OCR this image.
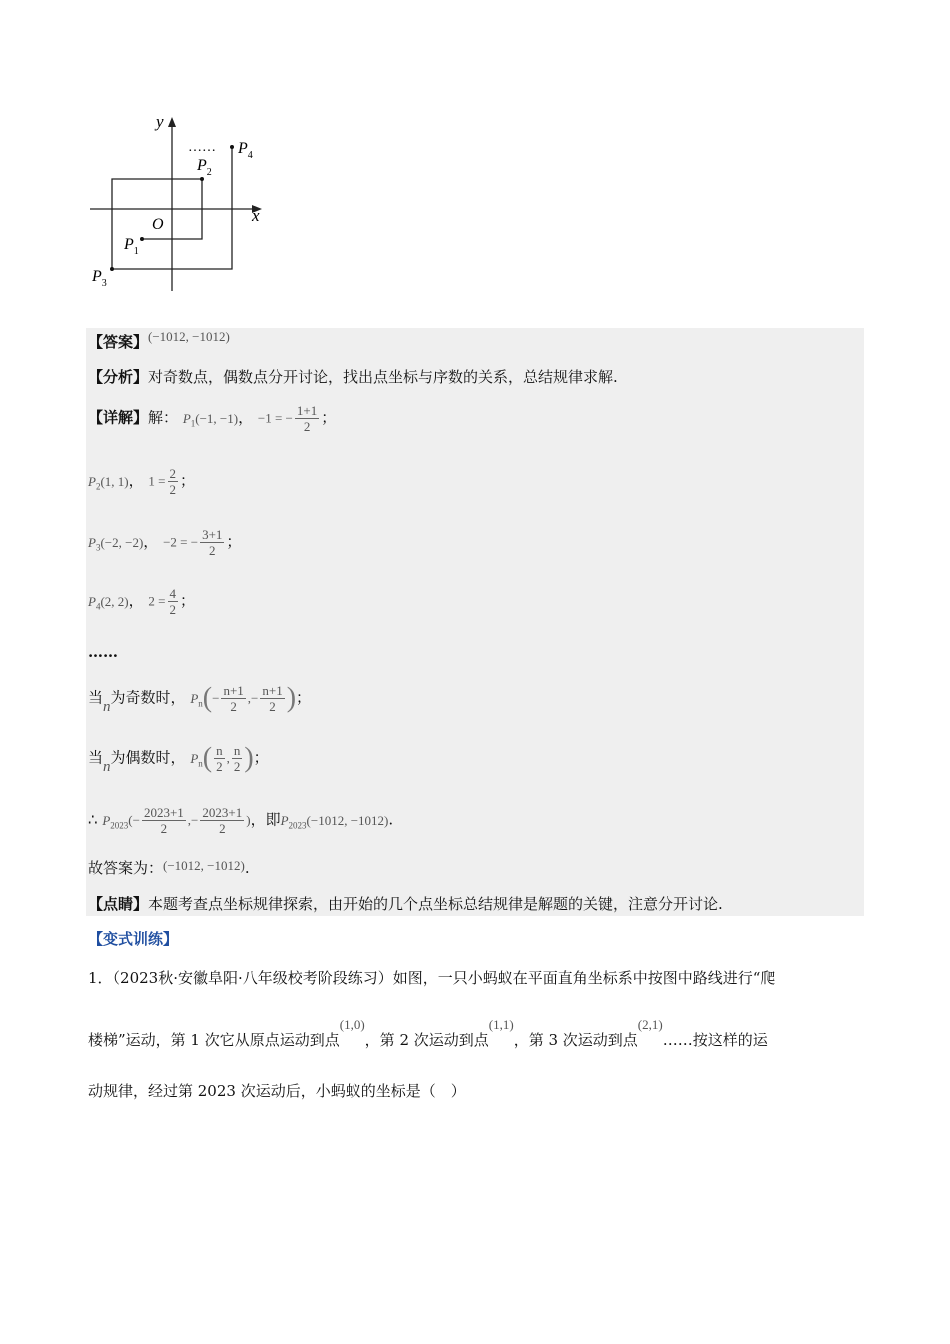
y
x
O
……
$P_1$
$P_2$
$P_3$
$P_4$
【答案】(−1012, −1012)
【分析】对奇数点，偶数点分开讨论，找出点坐标与序数的关系，总结规律求解.
【详解】解： $P_1(-1$, −1)， −1 = − $\frac{1+1}{2}$ ；
$P_2(1$, 1)， $1 = \frac{2}{2}$ ；
$P_3(-2$, −2)， −2 = − $\frac{3+1}{2}$ ；
$P_4(2$, 2)， $2 = \frac{4}{2}$ ；
……
当n为奇数时， $P_n(- \frac{n+1}{2}$ ,− $\frac{n+1}{2}$ )；
当n为偶数时， $P_n( \frac{n}{2}$ , $\frac{n}{2}$ )；
∴ $P_{2023}(- \frac{2023+1}{2}$ ,− $\frac{2023+1}{2}$ )，即$P_{2023}(-1012$, −1012).
故答案为：(−1012, −1012).
【点睛】本题考查点坐标规律探索，由开始的几个点坐标总结规律是解题的关键，注意分开讨论.
【变式训练】
1．（2023秋·安徽阜阳·八年级校考阶段练习）如图，一只小蚂蚁在平面直角坐标系中按图中路线进行“爬
楼梯”运动，第 1 次它从原点运动到点(1,0)，第 2 次运动到点(1,1)，第 3 次运动到点(2,1)……按这样的运
动规律，经过第 2023 次运动后，小蚂蚁的坐标是（　）
